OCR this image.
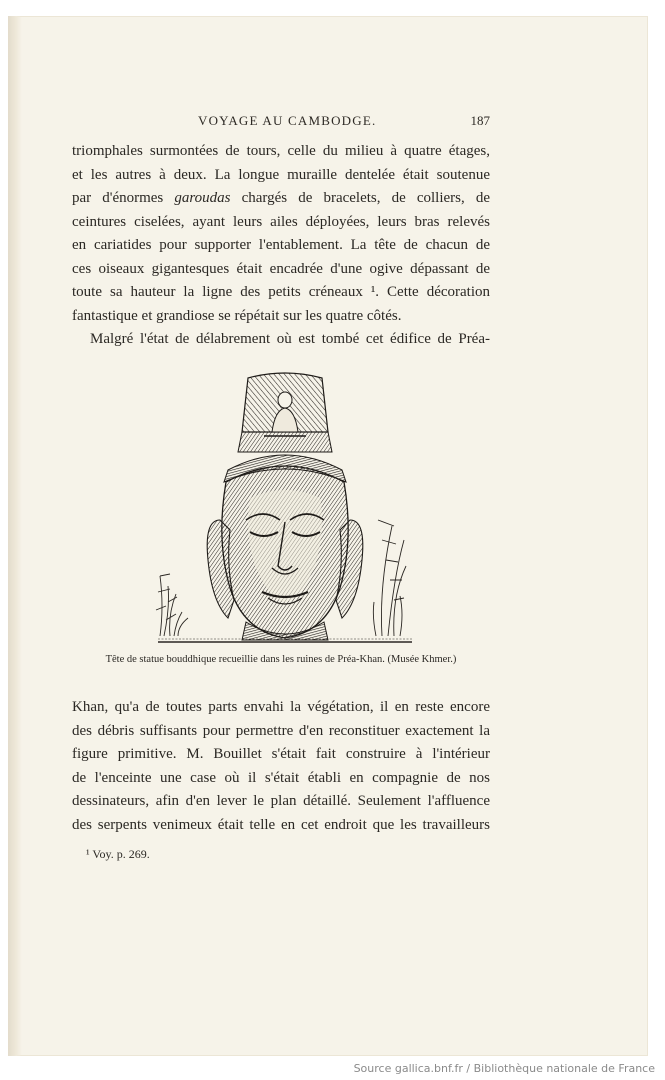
VOYAGE AU CAMBODGE.	187
triomphales surmontées de tours, celle du milieu à quatre étages,
et les autres à deux. La longue muraille dentelée était soutenue
par d'énormes garoudas chargés de bracelets, de colliers, de
ceintures ciselées, ayant leurs ailes déployées, leurs bras relevés
en cariatides pour supporter l'entablement. La tête de chacun de
ces oiseaux gigantesques était encadrée d'une ogive dépassant de
toute sa hauteur la ligne des petits créneaux ¹. Cette décoration
fantastique et grandiose se répétait sur les quatre côtés.
Malgré l'état de délabrement où est tombé cet édifice de Préa-
Tête de statue bouddhique recueillie dans les ruines de Préa-Khan. (Musée Khmer.)
Khan, qu'a de toutes parts envahi la végétation, il en reste encore
des débris suffisants pour permettre d'en reconstituer exactement la
figure primitive. M. Bouillet s'était fait construire à l'intérieur
de l'enceinte une case où il s'était établi en compagnie de nos
dessinateurs, afin d'en lever le plan détaillé. Seulement l'affluence
des serpents venimeux était telle en cet endroit que les travailleurs
¹ Voy. p. 269.
Source gallica.bnf.fr / Bibliothèque nationale de France
